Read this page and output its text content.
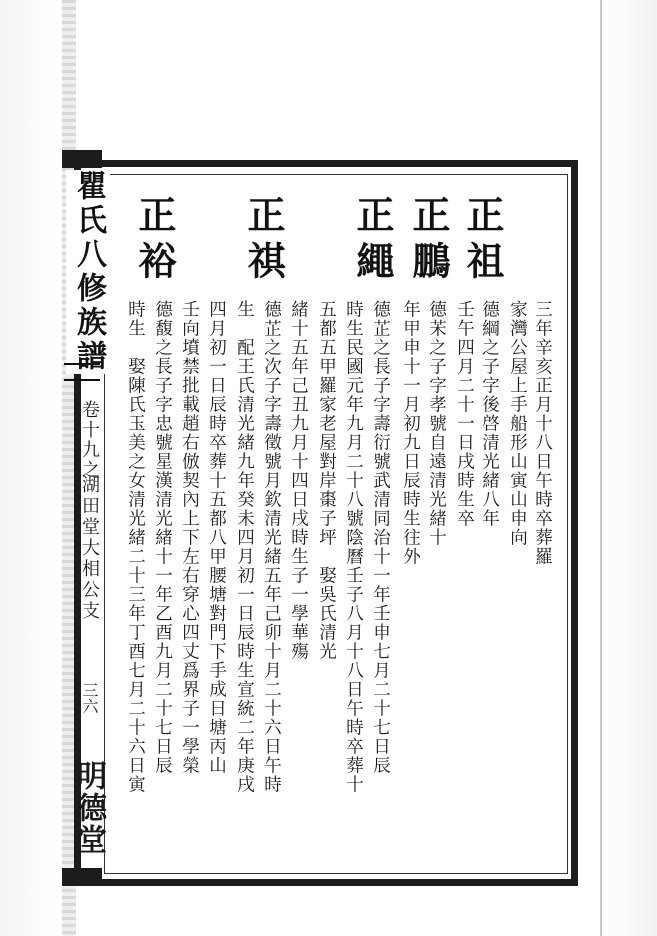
瞿氏八修族譜
卷十九之
湖田堂大相公支
三六
明德堂
正祖
三年辛亥正月十八日午時卒葬羅
家灣公屋上手船形山寅山申向
德綱之子字後啓清光緒八年
壬午四月二十一日戌時生卒
正鵬
德㭉之子字孝號自遠清光緒十
年甲申十一月初九日辰時生往外
正繩
德芷之長子字壽衍號武清同治十一年壬申七月二十七日辰
時生民國元年九月二十八號陰曆壬子八月十八日午時卒葬十
五都五甲羅家老屋對岸棗子坪　娶吳氏清光
正祺
緒十五年己丑九月十四日戌時生子一學華殤
德芷之次子字壽徵號月欽清光緒五年己卯十月二十六日午時
生　配王氏清光緒九年癸未四月初一日辰時生宣統二年庚戌
正裕
四月初一日辰時卒葬十五都八甲腰塘對門下手成日塘丙山
壬向墳禁批載趙右倣契內上下左右穿心四丈爲界子一學榮
德馥之長子字忠號星漢清光緒十一年乙酉九月二十七日辰
時生　娶陳氏玉美之女清光緒二十三年丁酉七月二十六日寅
